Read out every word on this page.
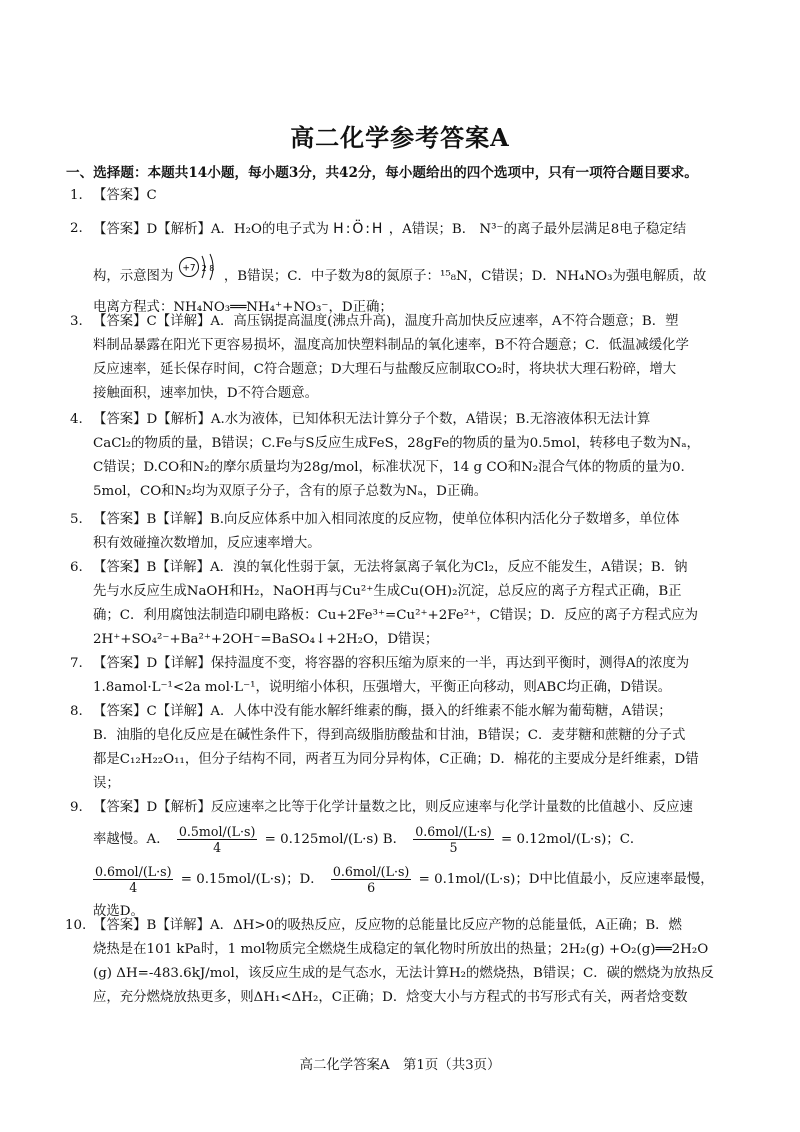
高二化学参考答案A
一、选择题：本题共14小题，每小题3分，共42分，每小题给出的四个选项中，只有一项符合题目要求。
1. 【答案】C
2. 【答案】D【解析】A．H₂O的电子式为 H:Ö:H ，A错误；B． N³⁻的离子最外层满足8电子稳定结
构，示意图为
+7 2 8
，B错误；C．中子数为8的氮原子：¹⁵₈N，C错误；D．NH₄NO₃为强电解质，故
电离方程式：NH₄NO₃══NH₄⁺+NO₃⁻，D正确；
3. 【答案】C【详解】A．高压锅提高温度(沸点升高)，温度升高加快反应速率，A不符合题意；B．塑
料制品暴露在阳光下更容易损坏，温度高加快塑料制品的氧化速率，B不符合题意；C．低温减缓化学
反应速率，延长保存时间，C符合题意；D大理石与盐酸反应制取CO₂时，将块状大理石粉碎，增大
接触面积，速率加快，D不符合题意。
4. 【答案】D【解析】A.水为液体，已知体积无法计算分子个数，A错误；B.无溶液体积无法计算
CaCl₂的物质的量，B错误；C.Fe与S反应生成FeS，28gFe的物质的量为0.5mol，转移电子数为Nₐ，
C错误；D.CO和N₂的摩尔质量均为28g/mol，标准状况下，14 g CO和N₂混合气体的物质的量为0.
5mol，CO和N₂均为双原子分子，含有的原子总数为Nₐ，D正确。
5. 【答案】B【详解】B.向反应体系中加入相同浓度的反应物，使单位体积内活化分子数增多，单位体
积有效碰撞次数增加，反应速率增大。
6. 【答案】B【详解】A．溴的氧化性弱于氯，无法将氯离子氧化为Cl₂，反应不能发生，A错误；B．钠
先与水反应生成NaOH和H₂，NaOH再与Cu²⁺生成Cu(OH)₂沉淀，总反应的离子方程式正确，B正
确；C．利用腐蚀法制造印刷电路板：Cu+2Fe³⁺=Cu²⁺+2Fe²⁺，C错误；D．反应的离子方程式应为
2H⁺+SO₄²⁻+Ba²⁺+2OH⁻=BaSO₄↓+2H₂O，D错误；
7. 【答案】D【详解】保持温度不变，将容器的容积压缩为原来的一半，再达到平衡时，测得A的浓度为
1.8amol·L⁻¹<2a mol·L⁻¹，说明缩小体积，压强增大，平衡正向移动，则ABC均正确，D错误。
8. 【答案】C【详解】A．人体中没有能水解纤维素的酶，摄入的纤维素不能水解为葡萄糖，A错误；
B．油脂的皂化反应是在碱性条件下，得到高级脂肪酸盐和甘油，B错误；C．麦芽糖和蔗糖的分子式
都是C₁₂H₂₂O₁₁，但分子结构不同，两者互为同分异构体，C正确；D．棉花的主要成分是纤维素，D错
误；
9. 【答案】D【解析】反应速率之比等于化学计量数之比，则反应速率与化学计量数的比值越小、反应速
率越慢。A． $\frac{\text{0.5mol/(L·s)}}{4} = 0.125mol/(L\cdot s)$ B． $\frac{\text{0.6mol/(L·s)}}{5} = 0.12mol/(L\cdot s)$；C．
$\frac{\text{0.6mol/(L·s)}}{4} = 0.15mol/(L\cdot s)$；D． $\frac{\text{0.6mol/(L·s)}}{6} = 0.1mol/(L\cdot s)$；D中比值最小，反应速率最慢，
故选D。
10. 【答案】B【详解】A．ΔH>0的吸热反应，反应物的总能量比反应产物的总能量低，A正确；B．燃
烧热是在101 kPa时，1 mol物质完全燃烧生成稳定的氧化物时所放出的热量；2H₂(g) +O₂(g)══2H₂O
(g) ΔH=-483.6kJ/mol，该反应生成的是气态水，无法计算H₂的燃烧热，B错误；C．碳的燃烧为放热反
应，充分燃烧放热更多，则ΔH₁<ΔH₂，C正确；D．焓变大小与方程式的书写形式有关，两者焓变数
高二化学答案A　第1页（共3页）
